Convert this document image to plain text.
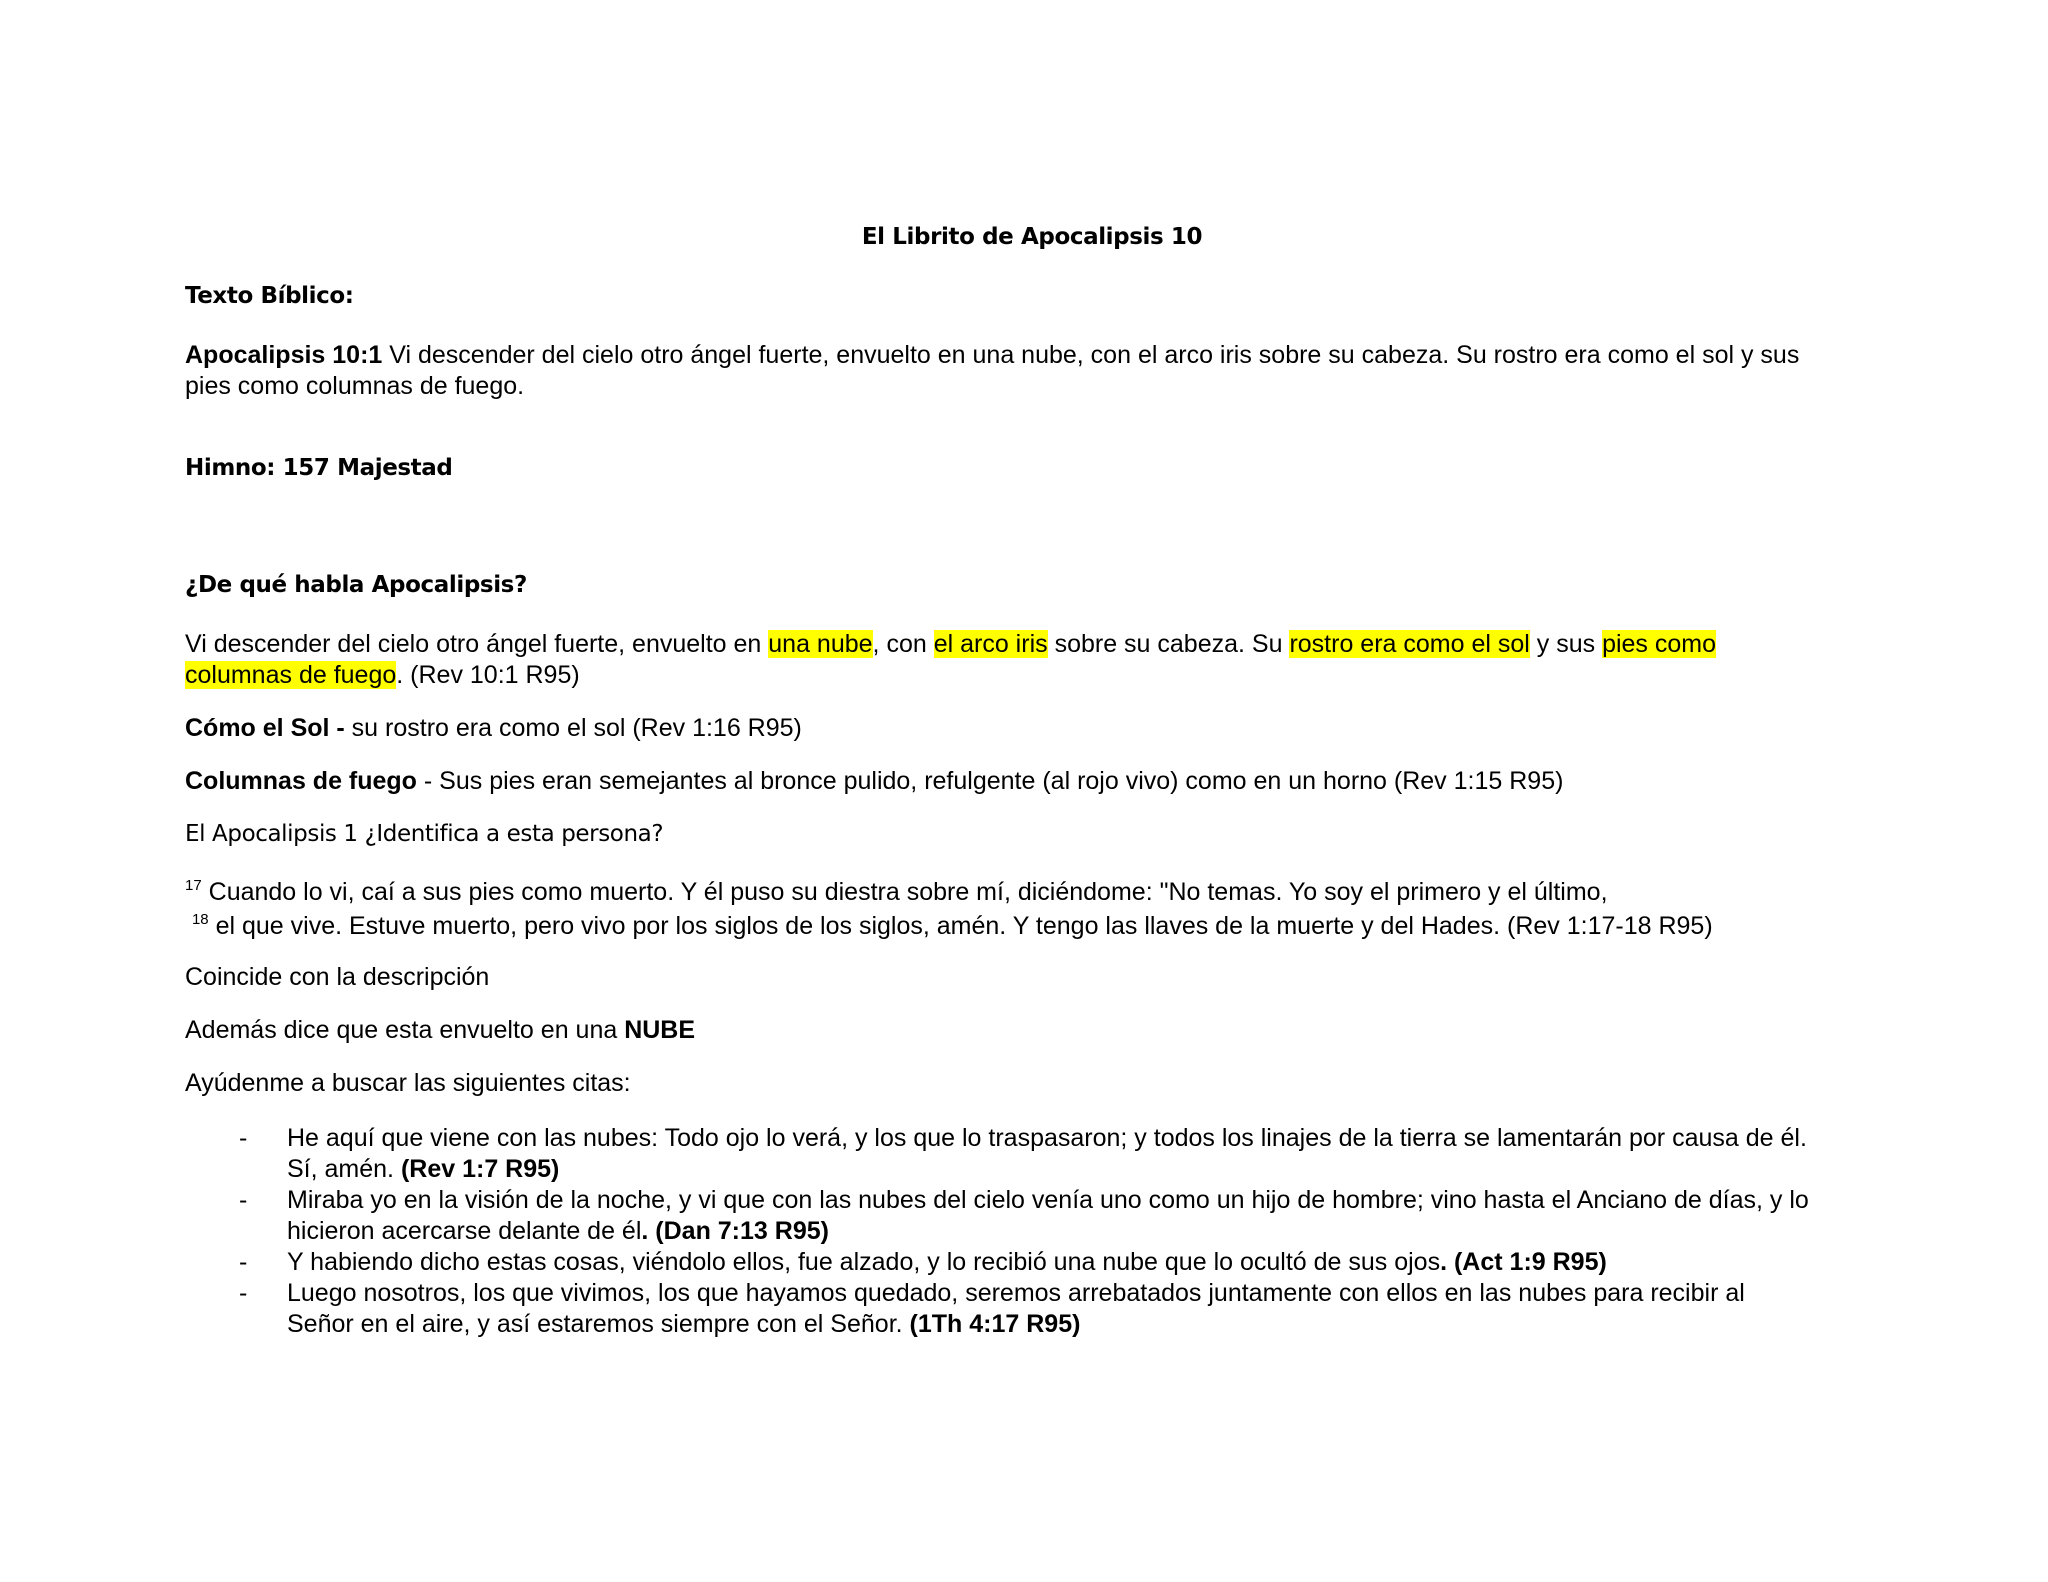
El Librito de Apocalipsis 10
Texto Bíblico:
Apocalipsis 10:1 Vi descender del cielo otro ángel fuerte, envuelto en una nube, con el arco iris sobre su cabeza. Su rostro era como el sol y sus
pies como columnas de fuego.
Himno: 157 Majestad
¿De qué habla Apocalipsis?
Vi descender del cielo otro ángel fuerte, envuelto en una nube, con el arco iris sobre su cabeza. Su rostro era como el sol y sus pies como
columnas de fuego. (Rev 10:1 R95)
Cómo el Sol - su rostro era como el sol (Rev 1:16 R95)
Columnas de fuego - Sus pies eran semejantes al bronce pulido, refulgente (al rojo vivo) como en un horno (Rev 1:15 R95)
El Apocalipsis 1 ¿Identifica a esta persona?
$^{17}$ Cuando lo vi, caí a sus pies como muerto. Y él puso su diestra sobre mí, diciéndome: "No temas. Yo soy el primero y el último,
$^{18}$ el que vive. Estuve muerto, pero vivo por los siglos de los siglos, amén. Y tengo las llaves de la muerte y del Hades. (Rev 1:17-18 R95)
Coincide con la descripción
Además dice que esta envuelto en una NUBE
Ayúdenme a buscar las siguientes citas:
- He aquí que viene con las nubes: Todo ojo lo verá, y los que lo traspasaron; y todos los linajes de la tierra se lamentarán por causa de él.
Sí, amén. (Rev 1:7 R95)
- Miraba yo en la visión de la noche, y vi que con las nubes del cielo venía uno como un hijo de hombre; vino hasta el Anciano de días, y lo
hicieron acercarse delante de él. (Dan 7:13 R95)
- Y habiendo dicho estas cosas, viéndolo ellos, fue alzado, y lo recibió una nube que lo ocultó de sus ojos. (Act 1:9 R95)
- Luego nosotros, los que vivimos, los que hayamos quedado, seremos arrebatados juntamente con ellos en las nubes para recibir al
Señor en el aire, y así estaremos siempre con el Señor. (1Th 4:17 R95)
